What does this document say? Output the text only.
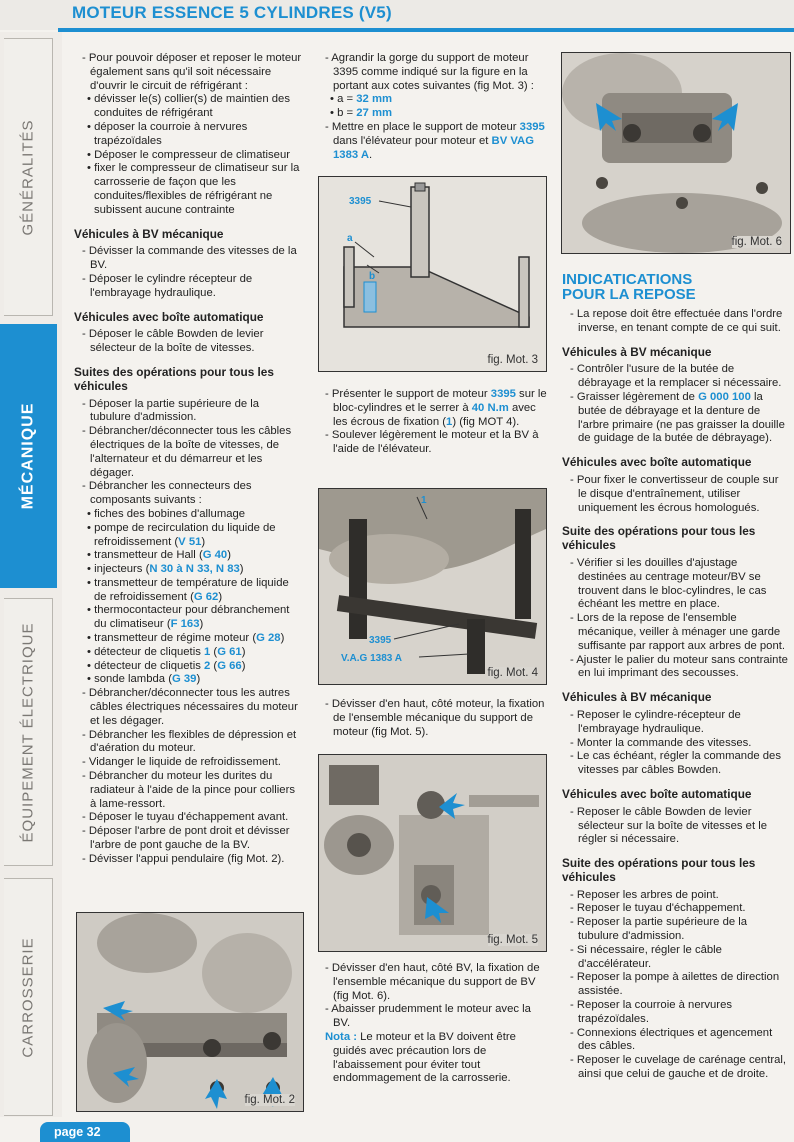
MOTEUR ESSENCE 5 CYLINDRES (V5)
GÉNÉRALITÉS
MÉCANIQUE
ÉQUIPEMENT ÉLECTRIQUE
CARROSSERIE

- Pour pouvoir déposer et reposer le moteur également sans qu'il soit nécessaire d'ouvrir le circuit de réfrigérant :

• dévisser le(s) collier(s) de maintien des conduites de réfrigérant

• déposer la courroie à nervures trapézoïdales

• Déposer le compresseur de climatiseur

• fixer le compresseur de climatiseur sur la carrosserie de façon que les conduites/flexibles de réfrigérant ne subissent aucune contrainte

Véhicules à BV mécanique

- Dévisser la commande des vitesses de la BV.

- Déposer le cylindre récepteur de l'embrayage hydraulique.

Véhicules avec boîte automatique

- Déposer le câble Bowden de levier sélecteur de la boîte de vitesses.

Suites des opérations pour tous les véhicules

- Déposer la partie supérieure de la tubulure d'admission.

- Débrancher/déconnecter tous les câbles électriques de la boîte de vitesses, de l'alternateur et du démarreur et les dégager.

- Débrancher les connecteurs des composants suivants :

• fiches des bobines d'allumage

• pompe de recirculation du liquide de refroidissement (V 51)

• transmetteur de Hall (G 40)

• injecteurs (N 30 à N 33, N 83)

• transmetteur de température de liquide de refroidissement (G 62)

• thermocontacteur pour débranchement du climatiseur (F 163)

• transmetteur de régime moteur (G 28)

• détecteur de cliquetis 1 (G 61)

• détecteur de cliquetis 2 (G 66)

• sonde lambda (G 39)

- Débrancher/déconnecter tous les autres câbles électriques nécessaires du moteur et les dégager.

- Débrancher les flexibles de dépression et d'aération du moteur.

- Vidanger le liquide de refroidissement.

- Débrancher du moteur les durites du radiateur à l'aide de la pince pour colliers à lame-ressort.

- Déposer le tuyau d'échappement avant.

- Déposer l'arbre de pont droit et dévisser l'arbre de pont gauche de la BV.

- Dévisser l'appui pendulaire (fig Mot. 2).

fig. Mot. 2

- Agrandir la gorge du support de moteur 3395 comme indiqué sur la figure en la portant aux cotes suivantes (fig Mot. 3) :

• a = 32 mm

• b = 27 mm

- Mettre en place le support de moteur 3395 dans l'élévateur pour moteur et BV VAG 1383 A.

3395
a
b
fig. Mot. 3

- Présenter le support de moteur 3395 sur le bloc-cylindres et le serrer à 40 N.m avec les écrous de fixation (1) (fig MOT 4).

- Soulever légèrement le moteur et la BV à l'aide de l'élévateur.

1
3395
V.A.G 1383 A
fig. Mot. 4

- Dévisser d'en haut, côté moteur, la fixation de l'ensemble mécanique du support de moteur (fig Mot. 5).

fig. Mot. 5

- Dévisser d'en haut, côté BV, la fixation de l'ensemble mécanique du support de BV (fig Mot. 6).

- Abaisser prudemment le moteur avec la BV.

Nota : Le moteur et la BV doivent être guidés avec précaution lors de l'abaissement pour éviter tout endommagement de la carrosserie.

fig. Mot. 6
INDICATICATIONS
POUR LA REPOSE

- La repose doit être effectuée dans l'ordre inverse, en tenant compte de ce qui suit.

Véhicules à BV mécanique

- Contrôler l'usure de la butée de débrayage et la remplacer si nécessaire.

- Graisser légèrement de G 000 100 la butée de débrayage et la denture de l'arbre primaire (ne pas graisser la douille de guidage de la butée de débrayage).

Véhicules avec boîte automatique

- Pour fixer le convertisseur de couple sur le disque d'entraînement, utiliser uniquement les écrous homologués.

Suite des opérations pour tous les véhicules

- Vérifier si les douilles d'ajustage destinées au centrage moteur/BV se trouvent dans le bloc-cylindres, le cas échéant les mettre en place.

- Lors de la repose de l'ensemble mécanique, veiller à ménager une garde suffisante par rapport aux arbres de pont.

- Ajuster le palier du moteur sans contrainte en lui imprimant des secousses.

Véhicules à BV mécanique

- Reposer le cylindre-récepteur de l'embrayage hydraulique.

- Monter la commande des vitesses.

- Le cas échéant, régler la commande des vitesses par câbles Bowden.

Véhicules avec boîte automatique

- Reposer le câble Bowden de levier sélecteur sur la boîte de vitesses et le régler si nécessaire.

Suite des opérations pour tous les véhicules

- Reposer les arbres de point.

- Reposer le tuyau d'échappement.

- Reposer la partie supérieure de la tubulure d'admission.

- Si nécessaire, régler le câble d'accélérateur.

- Reposer la pompe à ailettes de direction assistée.

- Reposer la courroie à nervures trapézoïdales.

- Connexions électriques et agencement des câbles.

- Reposer le cuvelage de carénage central, ainsi que celui de gauche et de droite.

page 32
